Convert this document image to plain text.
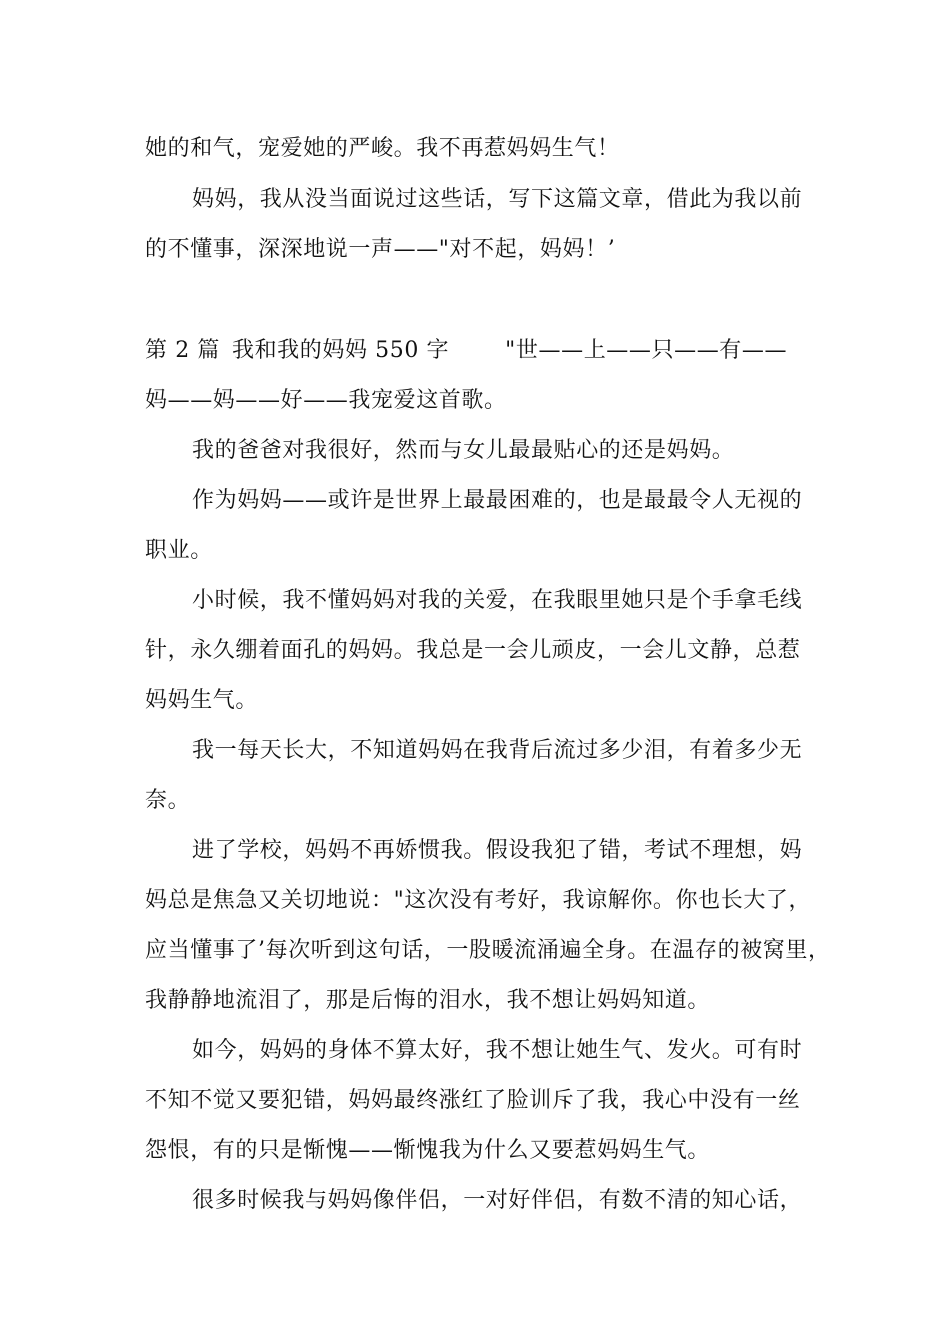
她的和气，宠爱她的严峻。我不再惹妈妈生气！
妈妈，我从没当面说过这些话，写下这篇文章，借此为我以前
的不懂事，深深地说一声——"对不起，妈妈！’
第 2 篇 我和我的妈妈 550 字	"世——上——只——有——
妈——妈——好——我宠爱这首歌。
我的爸爸对我很好，然而与女儿最最贴心的还是妈妈。
作为妈妈——或许是世界上最最困难的，也是最最令人无视的
职业。
小时候，我不懂妈妈对我的关爱，在我眼里她只是个手拿毛线
针，永久绷着面孔的妈妈。我总是一会儿顽皮，一会儿文静，总惹
妈妈生气。
我一每天长大，不知道妈妈在我背后流过多少泪，有着多少无
奈。
进了学校，妈妈不再娇惯我。假设我犯了错，考试不理想，妈
妈总是焦急又关切地说："这次没有考好，我谅解你。你也长大了，
应当懂事了’每次听到这句话，一股暖流涌遍全身。在温存的被窝里，
我静静地流泪了，那是后悔的泪水，我不想让妈妈知道。
如今，妈妈的身体不算太好，我不想让她生气、发火。可有时
不知不觉又要犯错，妈妈最终涨红了脸训斥了我，我心中没有一丝
怨恨，有的只是惭愧——惭愧我为什么又要惹妈妈生气。
很多时候我与妈妈像伴侣，一对好伴侣，有数不清的知心话，
